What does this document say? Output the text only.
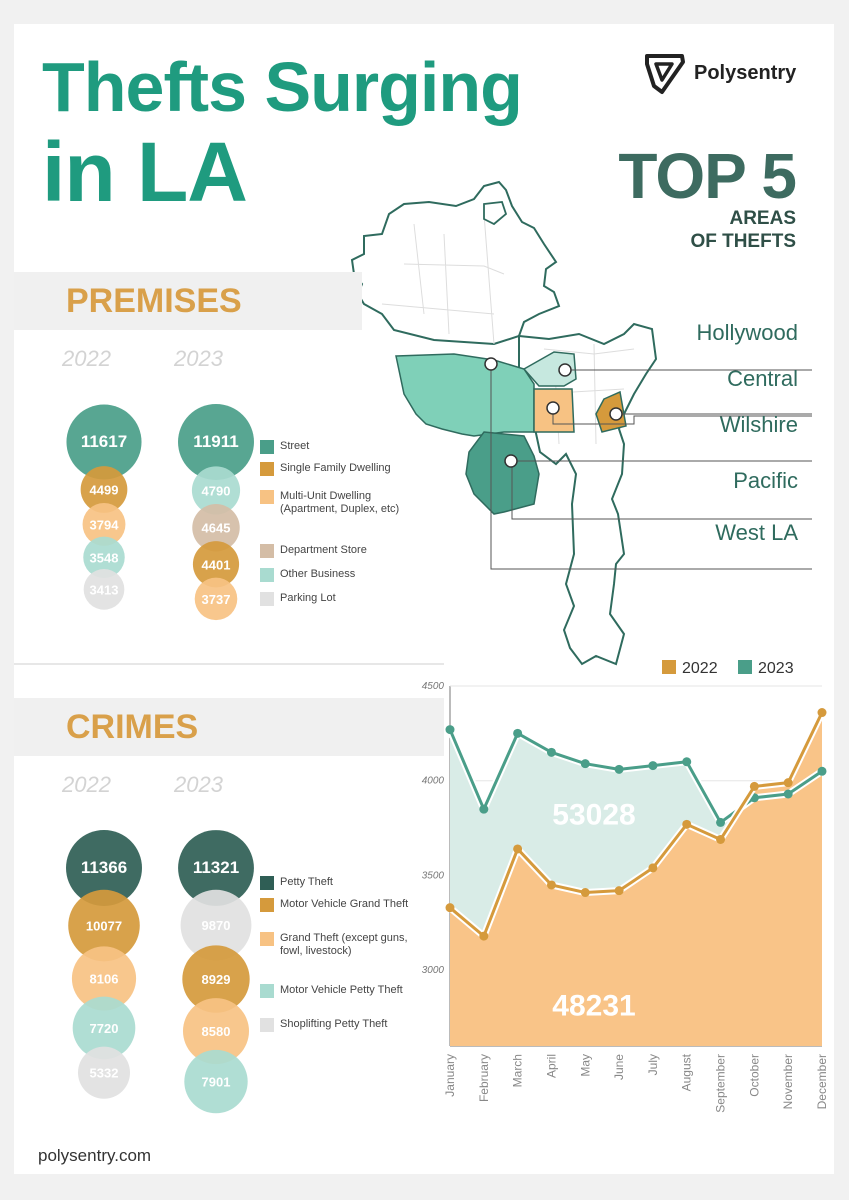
Thefts Surging
in LA
Polysentry
TOP 5
AREAS
OF THEFTS
Hollywood
Central
Wilshire
Pacific
West LA
PREMISES
2022	2023
11617
4499
3794
3548
3413
11911
4790
4645
4401
3737
Street
Single Family Dwelling
Multi-Unit Dwelling (Apartment, Duplex, etc)
Department Store
Other Business
Parking Lot
CRIMES
2022	2023
11366
10077
8106
7720
5332
11321
9870
8929
8580
7901
Petty Theft
Motor Vehicle Grand Theft
Grand Theft (except guns, fowl, livestock)
Motor Vehicle Petty Theft
Shoplifting Petty Theft
2022	2023
3000
3500
4000
4500
53028
48231
January February March April May June July August September October November December
polysentry.com
